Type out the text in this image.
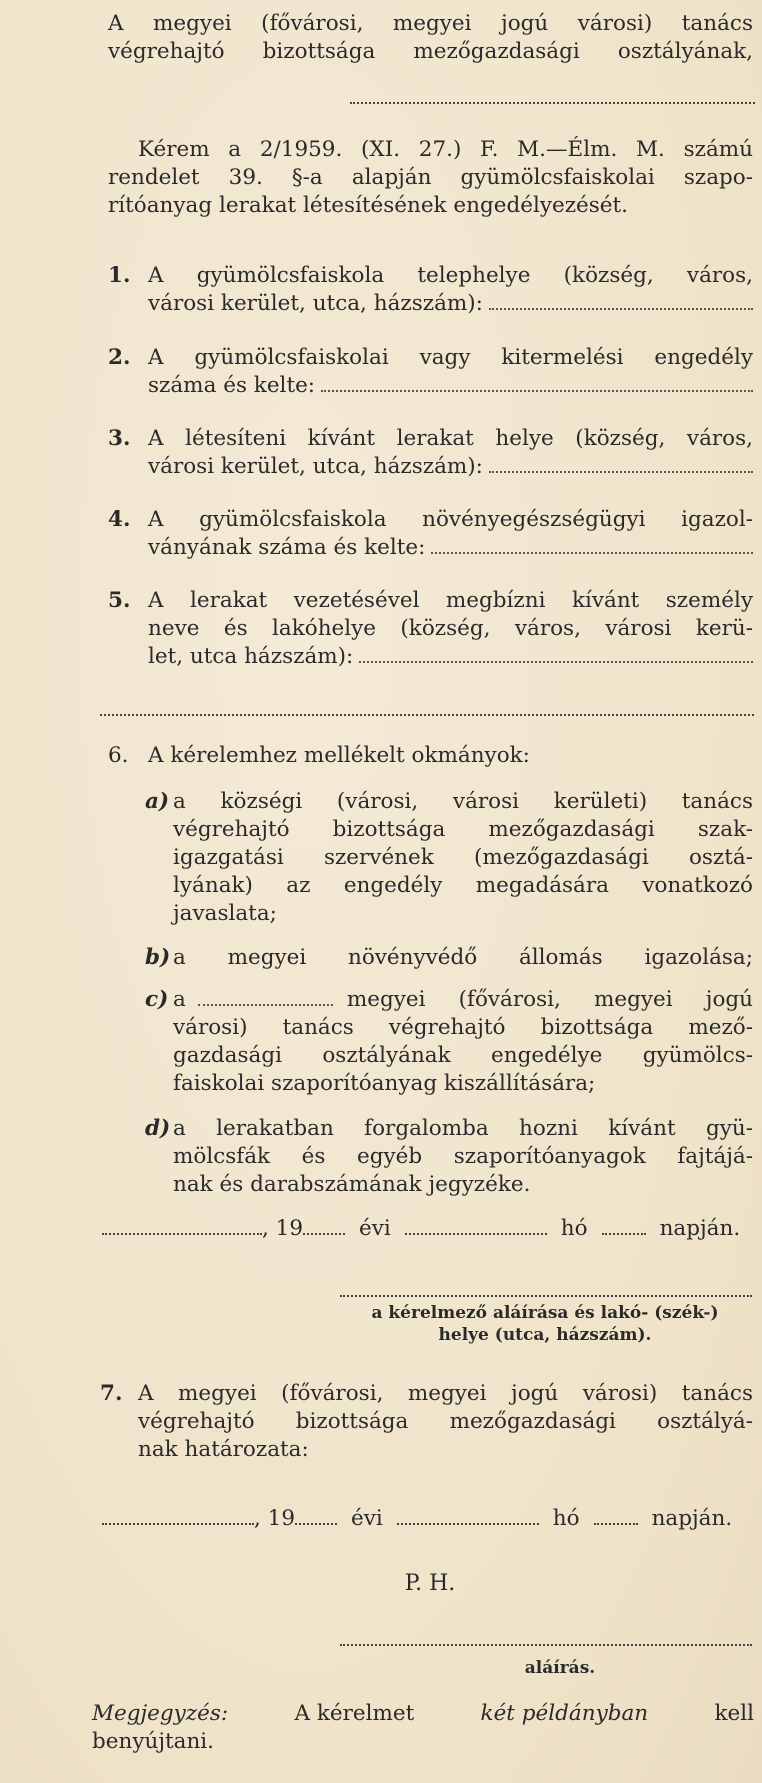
A megyei (fővárosi, megyei jogú városi) tanács

végrehajtó bizottsága mezőgazdasági osztályának,

Kérem a 2/1959. (XI. 27.) F. M.—Élm. M. számú

rendelet 39. §-a alapján gyümölcsfaiskolai szapo-

rítóanyag lerakat létesítésének engedélyezését.

1. A gyümölcsfaiskola telephelye (község, város,

városi kerület, utca, házszám):
2. A gyümölcsfaiskolai vagy kitermelési engedély

száma és kelte:
3. A létesíteni kívánt lerakat helye (község, város,

városi kerület, utca, házszám):
4. A gyümölcsfaiskola növényegészségügyi igazol-

ványának száma és kelte:
5. A lerakat vezetésével megbízni kívánt személy

neve és lakóhelye (község, város, városi kerü-

let, utca házszám):
6. A kérelemhez mellékelt okmányok:
a) a községi (városi, városi kerületi) tanács

végrehajtó bizottsága mezőgazdasági szak-

igazgatási szervének (mezőgazdasági osztá-

lyának) az engedély megadására vonatkozó

javaslata;

b) a megyei növényvédő állomás igazolása;

c) a	megyei (fővárosi, megyei jogú

városi) tanács végrehajtó bizottsága mező-

gazdasági osztályának engedélye gyümölcs-

faiskolai szaporítóanyag kiszállítására;

d) a lerakatban forgalomba hozni kívánt gyü-

mölcsfák és egyéb szaporítóanyagok fajtájá-

nak és darabszámának jegyzéke.

, 19	évi	hó	napján.
a kérelmező aláírása és lakó- (szék-)
helye (utca, házszám).
7. A megyei (fővárosi, megyei jogú városi) tanács

végrehajtó bizottsága mezőgazdasági osztályá-

nak határozata:

, 19	évi	hó	napján.
P. H.
aláírás.
Megjegyzés:	A kérelmet	két példányban	kell

benyújtani.
